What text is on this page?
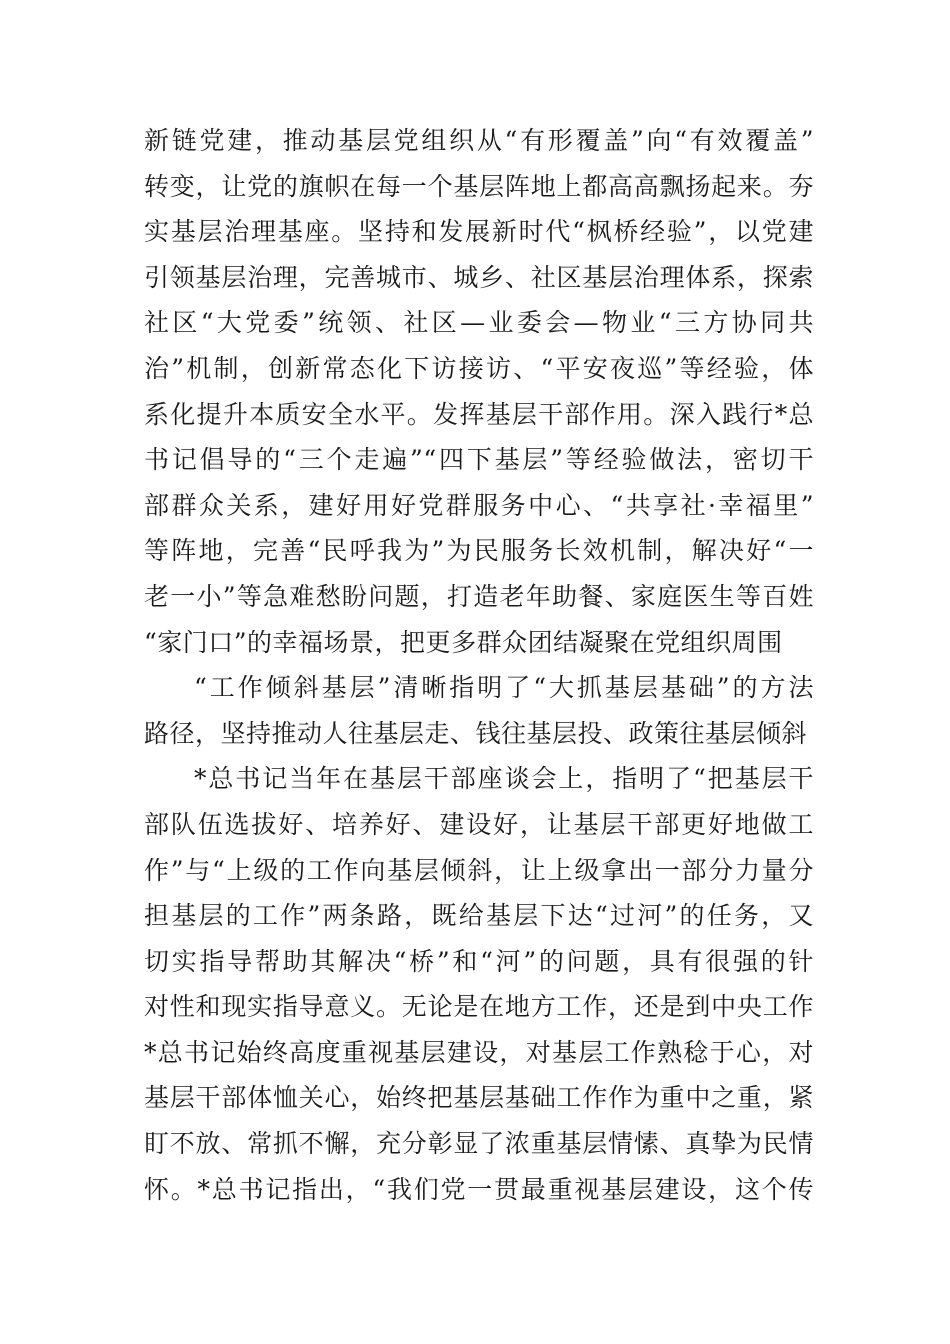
新链党建，推动基层党组织从“有形覆盖”向“有效覆盖”
转变，让党的旗帜在每一个基层阵地上都高高飘扬起来。夯
实基层治理基座。坚持和发展新时代“枫桥经验”，以党建
引领基层治理，完善城市、城乡、社区基层治理体系，探索
社区“大党委”统领、社区—业委会—物业“三方协同共
治”机制，创新常态化下访接访、“平安夜巡”等经验，体
系化提升本质安全水平。发挥基层干部作用。深入践行*总
书记倡导的“三个走遍”“四下基层”等经验做法，密切干
部群众关系，建好用好党群服务中心、“共享社·幸福里”
等阵地，完善“民呼我为”为民服务长效机制，解决好“一
老一小”等急难愁盼问题，打造老年助餐、家庭医生等百姓
“家门口”的幸福场景，把更多群众团结凝聚在党组织周围
“工作倾斜基层”清晰指明了“大抓基层基础”的方法
路径，坚持推动人往基层走、钱往基层投、政策往基层倾斜
*总书记当年在基层干部座谈会上，指明了“把基层干
部队伍选拔好、培养好、建设好，让基层干部更好地做工
作”与“上级的工作向基层倾斜，让上级拿出一部分力量分
担基层的工作”两条路，既给基层下达“过河”的任务，又
切实指导帮助其解决“桥”和“河”的问题，具有很强的针
对性和现实指导意义。无论是在地方工作，还是到中央工作
*总书记始终高度重视基层建设，对基层工作熟稔于心，对
基层干部体恤关心，始终把基层基础工作作为重中之重，紧
盯不放、常抓不懈，充分彰显了浓重基层情愫、真挚为民情
怀。*总书记指出，“我们党一贯最重视基层建设，这个传
